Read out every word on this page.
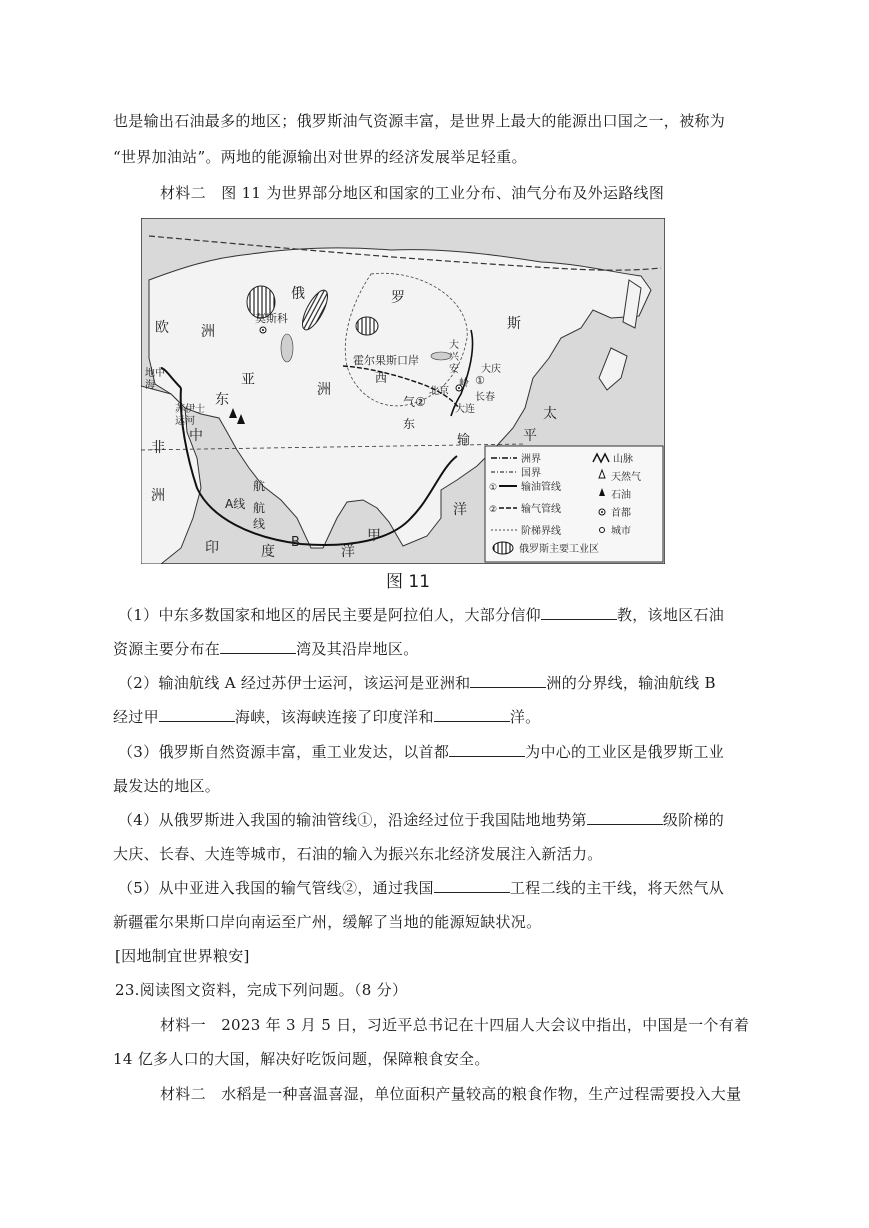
也是输出石油最多的地区；俄罗斯油气资源丰富，是世界上最大的能源出口国之一，被称为
“世界加油站”。两地的能源输出对世界的经济发展举足轻重。
材料二　图 11 为世界部分地区和国家的工业分布、油气分布及外运路线图
俄	罗
斯
欧 洲
莫斯科
霍尔果斯口岸
亚
洲
西
东
气 ②
北京
大庆
长春
大连
大
兴
安
岭 ①
东
中
苏伊士
运河
地中
海
非
洲	A线
航
航
线
B
印	度	洋
甲
输
太
平
洋
洲界
国界
① 输油管线
② 输气管线
阶梯界线
俄罗斯主要工业区
山脉
天然气
石油
首都
城市
图 11
（1）中东多数国家和地区的居民主要是阿拉伯人，大部分信仰	教，该地区石油
资源主要分布在	湾及其沿岸地区。
（2）输油航线 A 经过苏伊士运河，该运河是亚洲和	洲的分界线，输油航线 B
经过甲	海峡，该海峡连接了印度洋和	洋。
（3）俄罗斯自然资源丰富，重工业发达，以首都	为中心的工业区是俄罗斯工业
最发达的地区。
（4）从俄罗斯进入我国的输油管线①，沿途经过位于我国陆地地势第	级阶梯的
大庆、长春、大连等城市，石油的输入为振兴东北经济发展注入新活力。
（5）从中亚进入我国的输气管线②，通过我国	工程二线的主干线，将天然气从
新疆霍尔果斯口岸向南运至广州，缓解了当地的能源短缺状况。
[因地制宜世界粮安]
23.阅读图文资料，完成下列问题。（8 分）
材料一　2023 年 3 月 5 日，习近平总书记在十四届人大会议中指出，中国是一个有着
14 亿多人口的大国，解决好吃饭问题，保障粮食安全。
材料二　水稻是一种喜温喜湿，单位面积产量较高的粮食作物，生产过程需要投入大量
